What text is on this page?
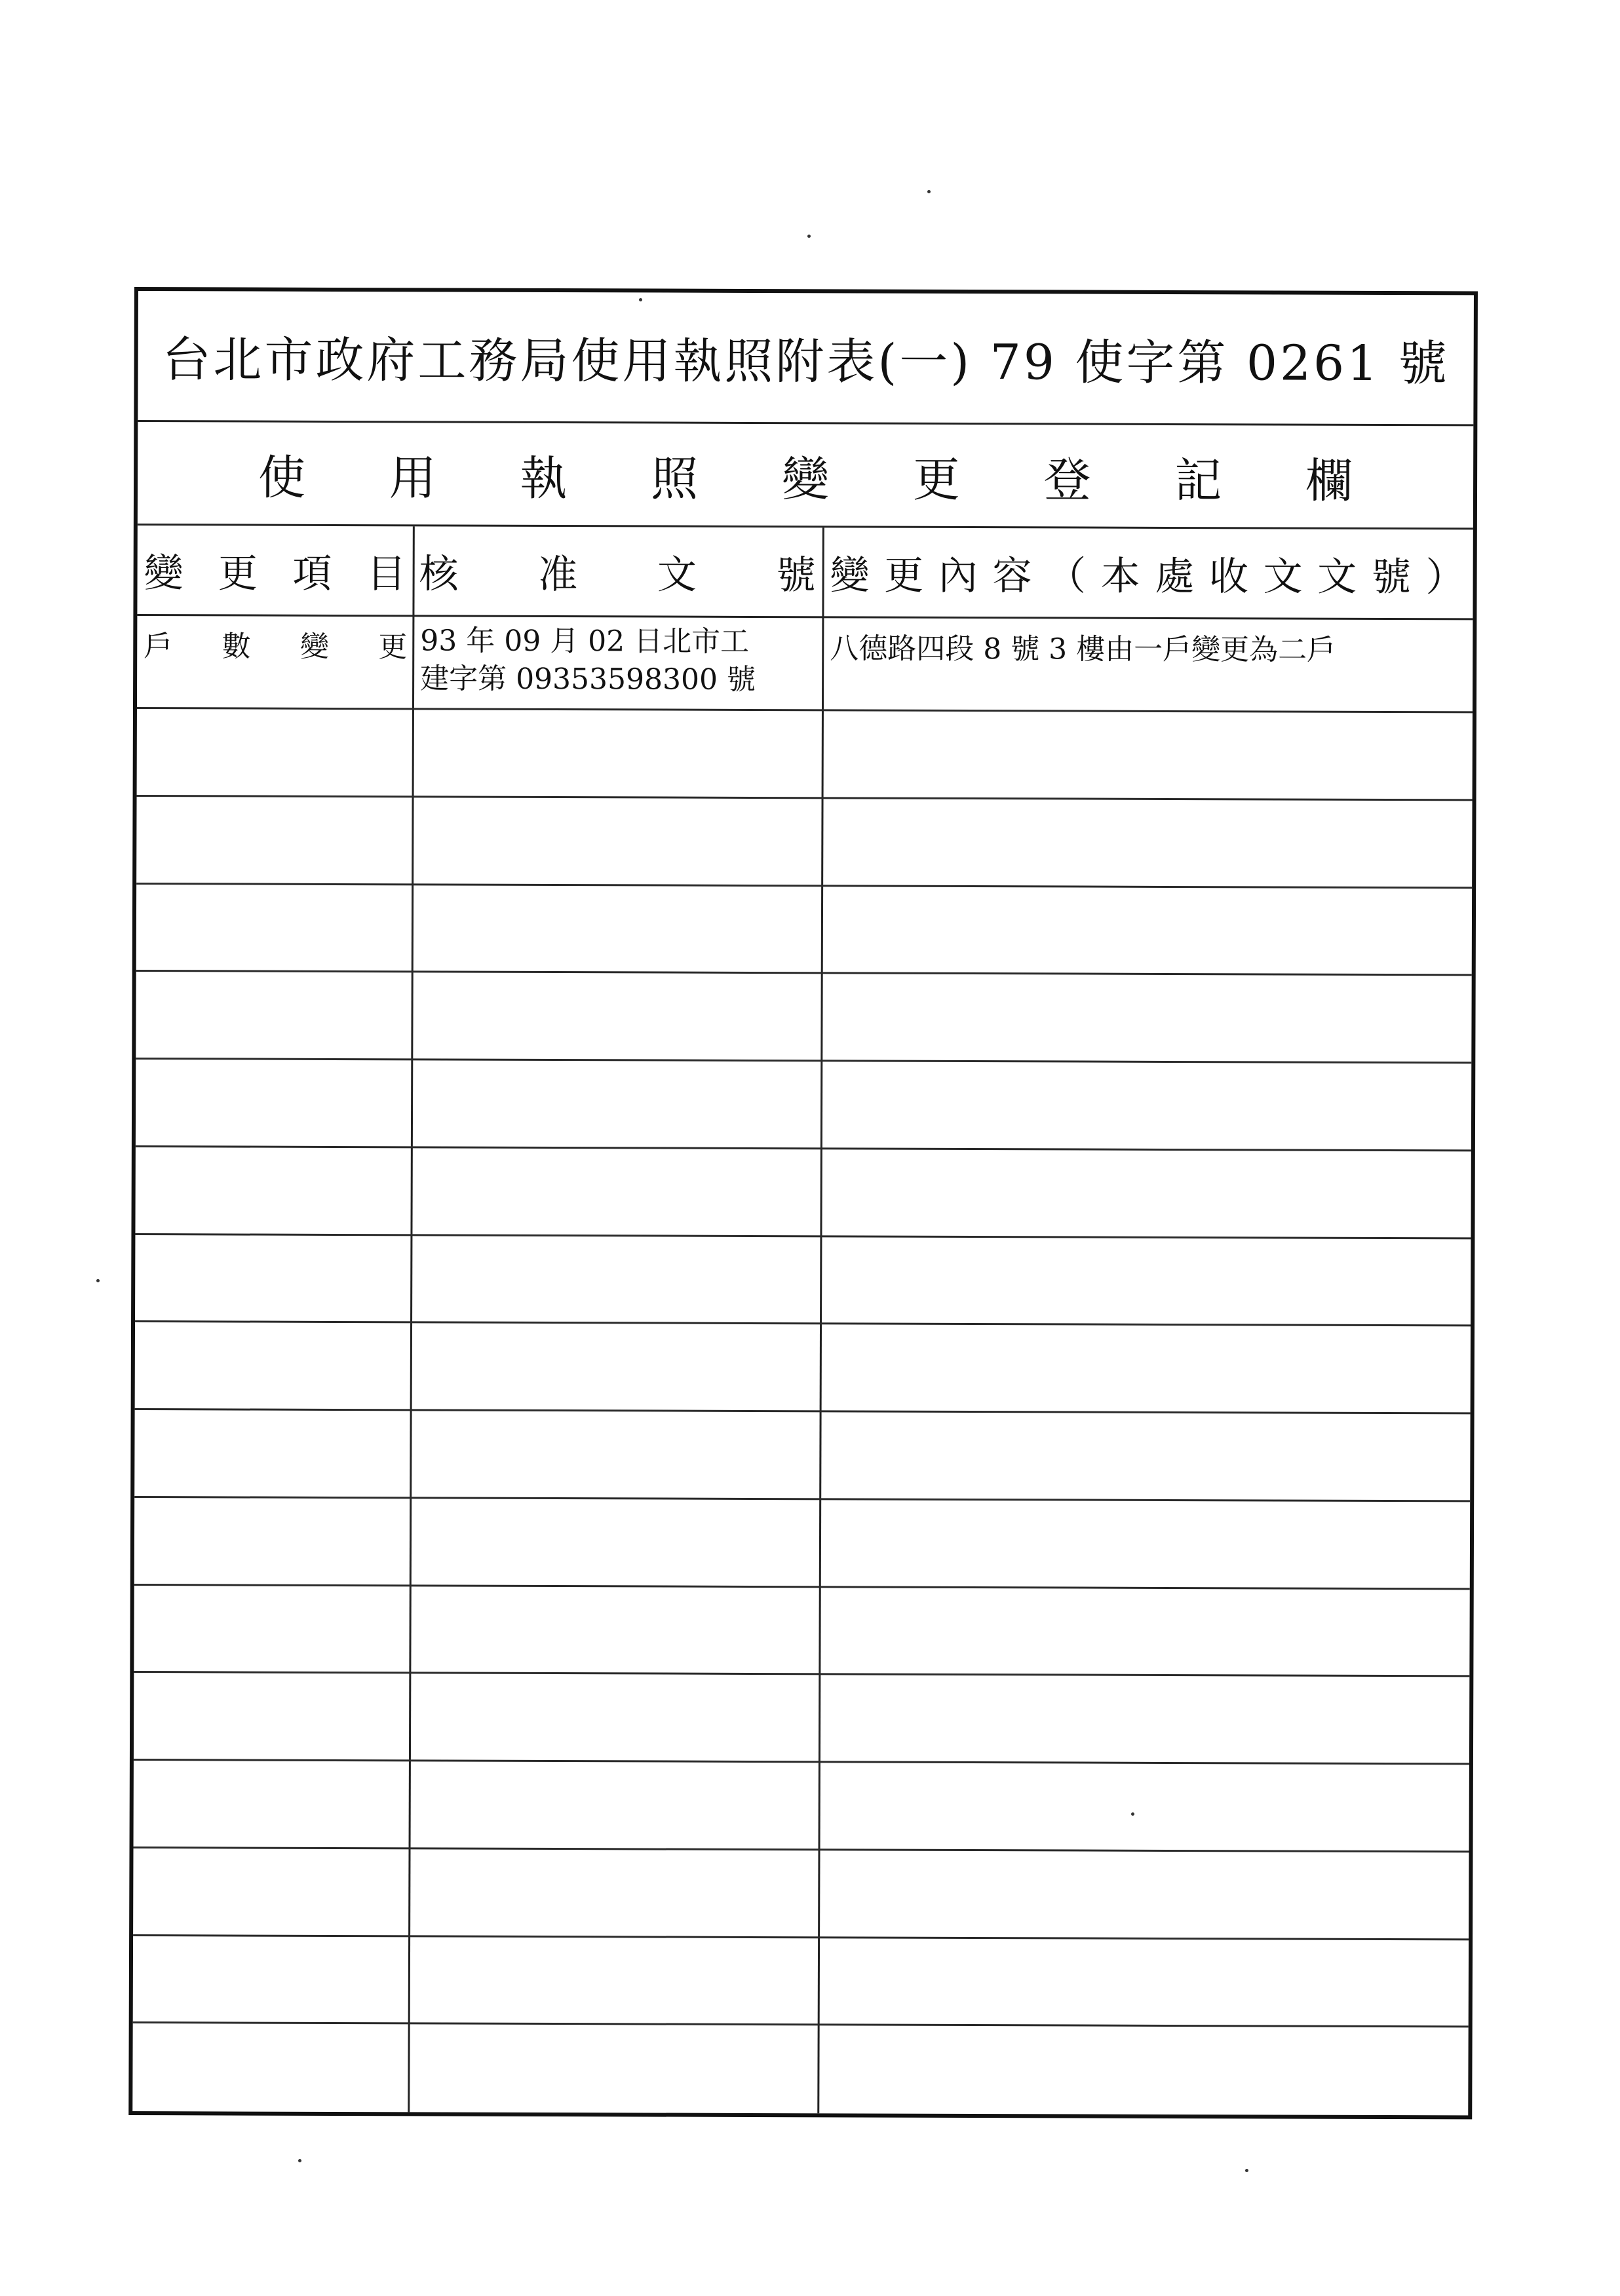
台北市政府工務局使用執照附表(一) 79 使字第 0261 號
使 用 執 照 變 更 登 記 欄
變 更 項 目 核 准 文 號 變 更 內 容 （ 本 處 收 文 文 號 ）
戶 數 變 更 93 年 09 月 02 日北市工
建字第 09353598300 號
八德路四段 8 號 3 樓由一戶變更為二戶
